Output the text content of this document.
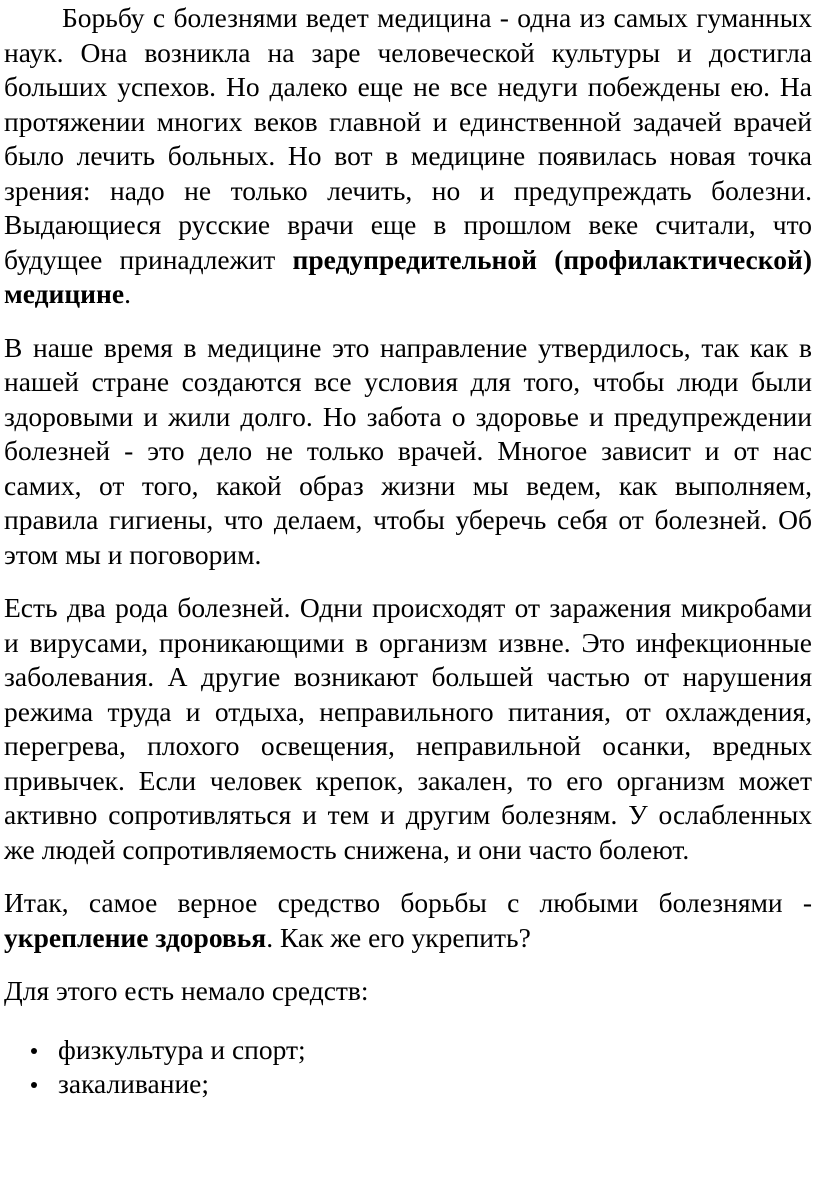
Борьбу с болезнями ведет медицина - одна из самых гуманных наук. Она возникла на заре человеческой культуры и достигла больших успехов. Но далеко еще не все недуги побеждены ею. На протяжении многих веков главной и единственной задачей врачей было лечить больных. Но вот в медицине появилась новая точка зрения: надо не только лечить, но и предупреждать болезни. Выдающиеся русские врачи еще в прошлом веке считали, что будущее принадлежит предупредительной (профилактической) медицине.

В наше время в медицине это направление утвердилось, так как в нашей стране создаются все условия для того, чтобы люди были здоровыми и жили долго. Но забота о здоровье и предупреждении болезней - это дело не только врачей. Многое зависит и от нас самих, от того, какой образ жизни мы ведем, как выполняем, правила гигиены, что делаем, чтобы уберечь себя от болезней. Об этом мы и поговорим.

Есть два рода болезней. Одни происходят от заражения микробами и вирусами, проникающими в организм извне. Это инфекционные заболевания. А другие возникают большей частью от нарушения режима труда и отдыха, неправильного питания, от охлаждения, перегрева, плохого освещения, неправильной осанки, вредных привычек. Если человек крепок, закален, то его организм может активно сопротивляться и тем и другим болезням. У ослабленных же людей сопротивляемость снижена, и они часто болеют.

Итак, самое верное средство борьбы с любыми болезнями - укрепление здоровья. Как же его укрепить?

Для этого есть немало средств:

физкультура и спорт;
закаливание;
